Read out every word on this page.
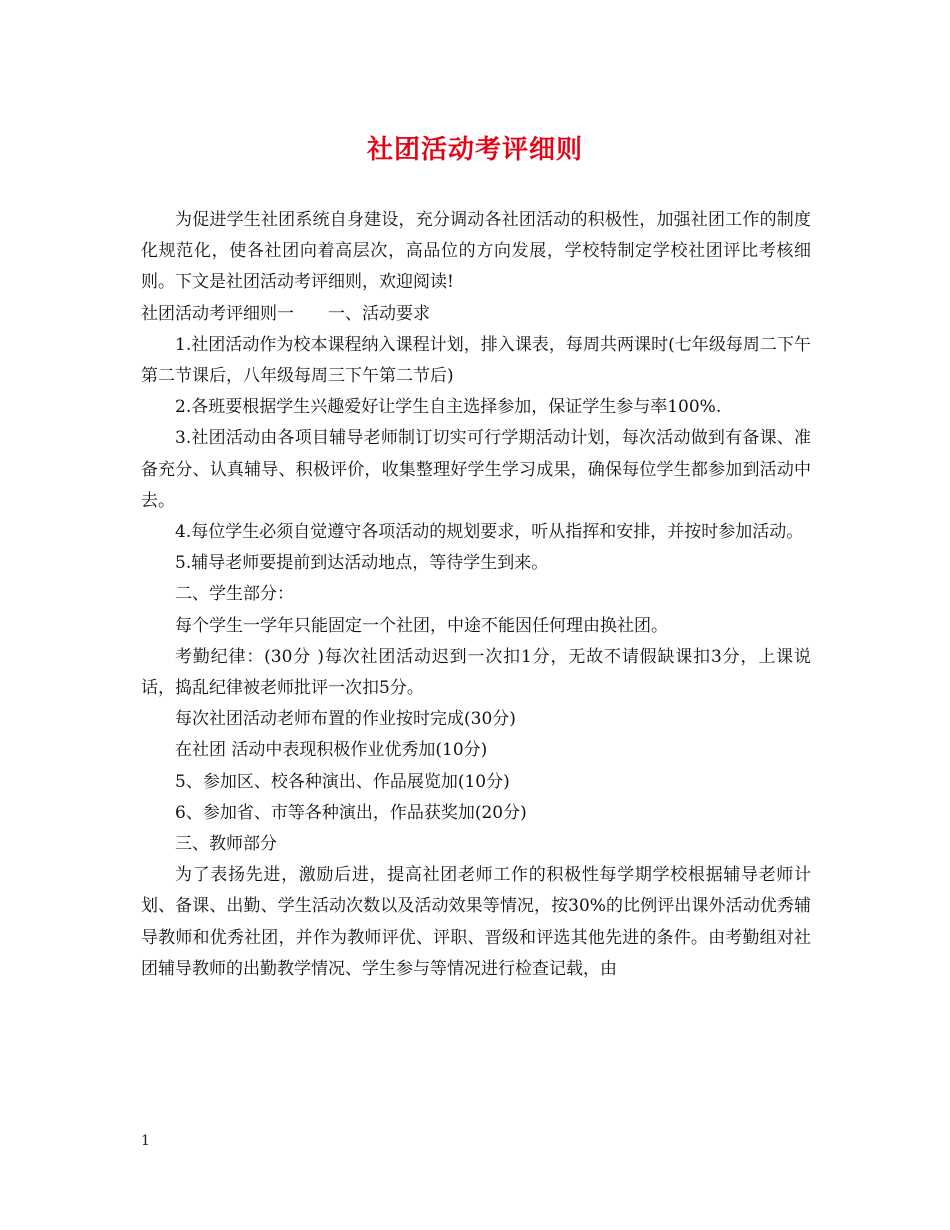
社团活动考评细则

为促进学生社团系统自身建设，充分调动各社团活动的积极性，加强社团工作的制度化规范化，使各社团向着高层次，高品位的方向发展，学校特制定学校社团评比考核细则。下文是社团活动考评细则，欢迎阅读!

社团活动考评细则一　　一、活动要求

1.社团活动作为校本课程纳入课程计划，排入课表，每周共两课时(七年级每周二下午第二节课后，八年级每周三下午第二节后)

2.各班要根据学生兴趣爱好让学生自主选择参加，保证学生参与率100%.

3.社团活动由各项目辅导老师制订切实可行学期活动计划，每次活动做到有备课、准备充分、认真辅导、积极评价，收集整理好学生学习成果，确保每位学生都参加到活动中去。

4.每位学生必须自觉遵守各项活动的规划要求，听从指挥和安排，并按时参加活动。

5.辅导老师要提前到达活动地点，等待学生到来。

二、学生部分：

每个学生一学年只能固定一个社团，中途不能因任何理由换社团。

考勤纪律：(30分 )每次社团活动迟到一次扣1分，无故不请假缺课扣3分，上课说话，捣乱纪律被老师批评一次扣5分。

每次社团活动老师布置的作业按时完成(30分)

在社团 活动中表现积极作业优秀加(10分)

5、参加区、校各种演出、作品展览加(10分)

6、参加省、市等各种演出，作品获奖加(20分)

三、教师部分

为了表扬先进，激励后进，提高社团老师工作的积极性每学期学校根据辅导老师计划、备课、出勤、学生活动次数以及活动效果等情况，按30%的比例评出课外活动优秀辅导教师和优秀社团，并作为教师评优、评职、晋级和评选其他先进的条件。由考勤组对社团辅导教师的出勤教学情况、学生参与等情况进行检查记载，由

1
